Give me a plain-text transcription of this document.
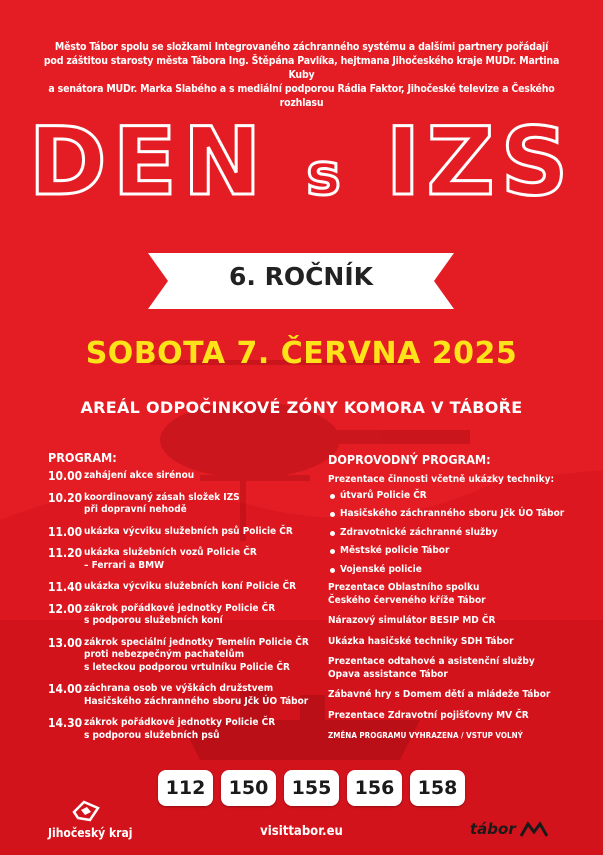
Město Tábor spolu se složkami Integrovaného záchranného systému a dalšími partnery pořádají
pod záštitou starosty města Tábora Ing. Štěpána Pavlíka, hejtmana Jihočeského kraje MUDr. Martina Kuby
a senátora MUDr. Marka Slabého a s mediální podporou Rádia Faktor, Jihočeské televize a Českého rozhlasu
DEN s IZS
6. ROČNÍK
SOBOTA 7. ČERVNA 2025
AREÁL ODPOČINKOVÉ ZÓNY KOMORA V TÁBOŘE
PROGRAM:
10.00 zahájení akce sirénou
10.20 koordinovaný zásah složek IZS
při dopravní nehodě
11.00 ukázka výcviku služebních psů Policie ČR
11.20 ukázka služebních vozů Policie ČR
– Ferrari a BMW
11.40 ukázka výcviku služebních koní Policie ČR
12.00 zákrok pořádkové jednotky Policie ČR
s podporou služebních koní
13.00 zákrok speciální jednotky Temelín Policie ČR
proti nebezpečným pachatelům
s leteckou podporou vrtulníku Policie ČR
14.00 záchrana osob ve výškách družstvem
Hasičského záchranného sboru Jčk ÚO Tábor
14.30 zákrok pořádkové jednotky Policie ČR
s podporou služebních psů
DOPROVODNÝ PROGRAM:
Prezentace činnosti včetně ukázky techniky:
útvarů Policie ČR
Hasičského záchranného sboru Jčk ÚO Tábor
Zdravotnické záchranné služby
Městské policie Tábor
Vojenské policie
Prezentace Oblastního spolku
Českého červeného kříže Tábor
Nárazový simulátor BESIP MD ČR
Ukázka hasičské techniky SDH Tábor
Prezentace odtahové a asistenční služby
Opava assistance Tábor
Zábavné hry s Domem dětí a mládeže Tábor
Prezentace Zdravotní pojišťovny MV ČR
ZMĚNA PROGRAMU VYHRAZENA / VSTUP VOLNÝ
112	150	155	156	158
Jihočeský kraj	visittabor.eu	tábor
